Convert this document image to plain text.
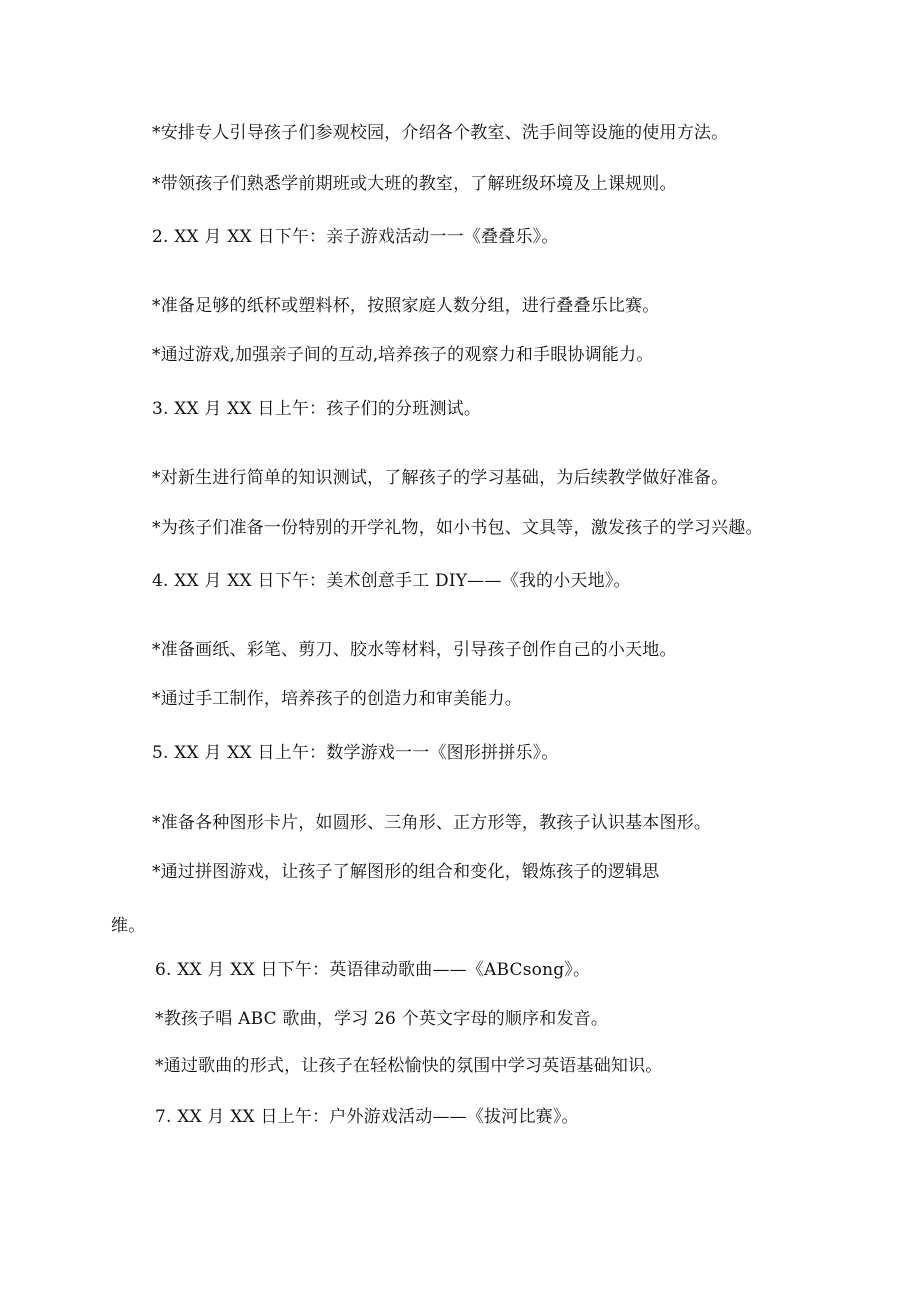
*安排专人引导孩子们参观校园，介绍各个教室、洗手间等设施的使用方法。
*带领孩子们熟悉学前期班或大班的教室，了解班级环境及上课规则。
2. XX 月 XX 日下午：亲子游戏活动一一《叠叠乐》。
*准备足够的纸杯或塑料杯，按照家庭人数分组，进行叠叠乐比赛。
*通过游戏,加强亲子间的互动,培养孩子的观察力和手眼协调能力。
3. XX 月 XX 日上午：孩子们的分班测试。
*对新生进行简单的知识测试，了解孩子的学习基础，为后续教学做好准备。
*为孩子们准备一份特别的开学礼物，如小书包、文具等，激发孩子的学习兴趣。
4. XX 月 XX 日下午：美术创意手工 DIY——《我的小天地》。
*准备画纸、彩笔、剪刀、胶水等材料，引导孩子创作自己的小天地。
*通过手工制作，培养孩子的创造力和审美能力。
5. XX 月 XX 日上午：数学游戏一一《图形拼拼乐》。
*准备各种图形卡片，如圆形、三角形、正方形等，教孩子认识基本图形。
*通过拼图游戏，让孩子了解图形的组合和变化，锻炼孩子的逻辑思
维。
6. XX 月 XX 日下午：英语律动歌曲——《ABCsong》。
*教孩子唱 ABC 歌曲，学习 26 个英文字母的顺序和发音。
*通过歌曲的形式，让孩子在轻松愉快的氛围中学习英语基础知识。
7. XX 月 XX 日上午：户外游戏活动——《拔河比赛》。
